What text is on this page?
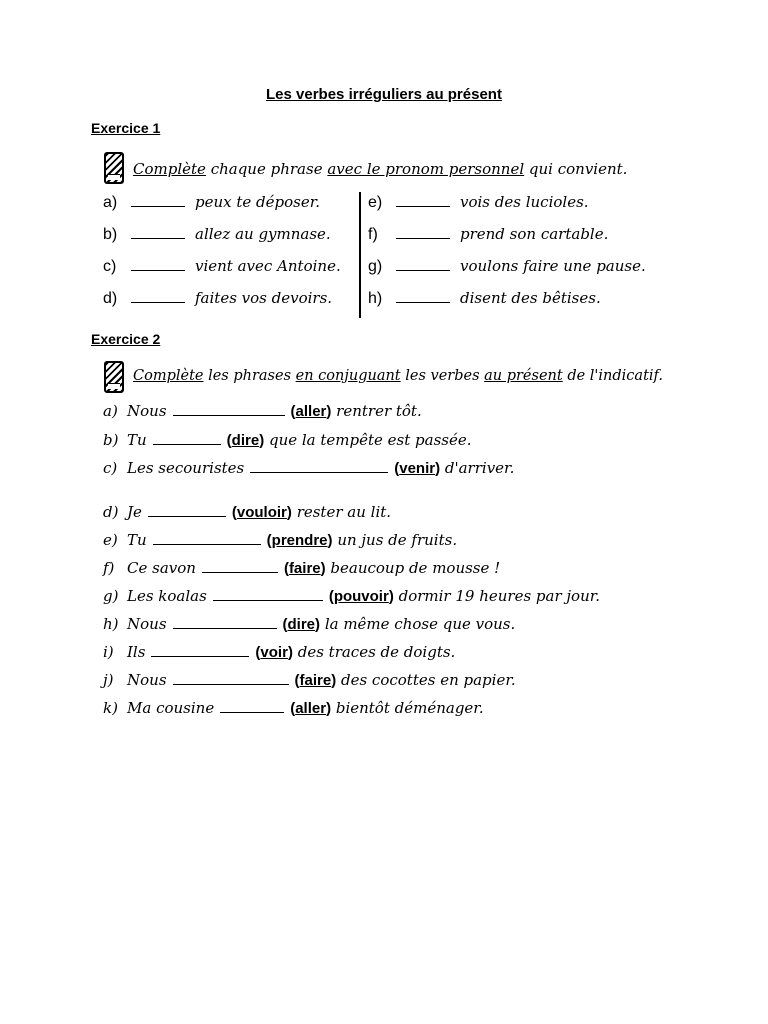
Les verbes irréguliers au présent
Exercice 1
Complète chaque phrase avec le pronom personnel qui convient.
a)	peux te déposer.
b)	allez au gymnase.
c)	vient avec Antoine.
d)	faites vos devoirs.
e)	vois des lucioles.
f)	prend son cartable.
g)	voulons faire une pause.
h)	disent des bêtises.
Exercice 2
Complète les phrases en conjuguant les verbes au présent de l'indicatif.
a) Nous	(aller)
rentrer tôt.
b) Tu	(dire)
que la tempête est passée.
c) Les secouristes	(venir)
d'arriver.
d) Je	(vouloir)
rester au lit.
e) Tu	(prendre)
un jus de fruits.
f) Ce savon	(faire)
beaucoup de mousse !
g) Les koalas	(pouvoir)
dormir 19 heures par jour.
h) Nous	(dire)
la même chose que vous.
i) Ils	(voir)
des traces de doigts.
j) Nous	(faire)
des cocottes en papier.
k) Ma cousine	(aller)
bientôt déménager.
